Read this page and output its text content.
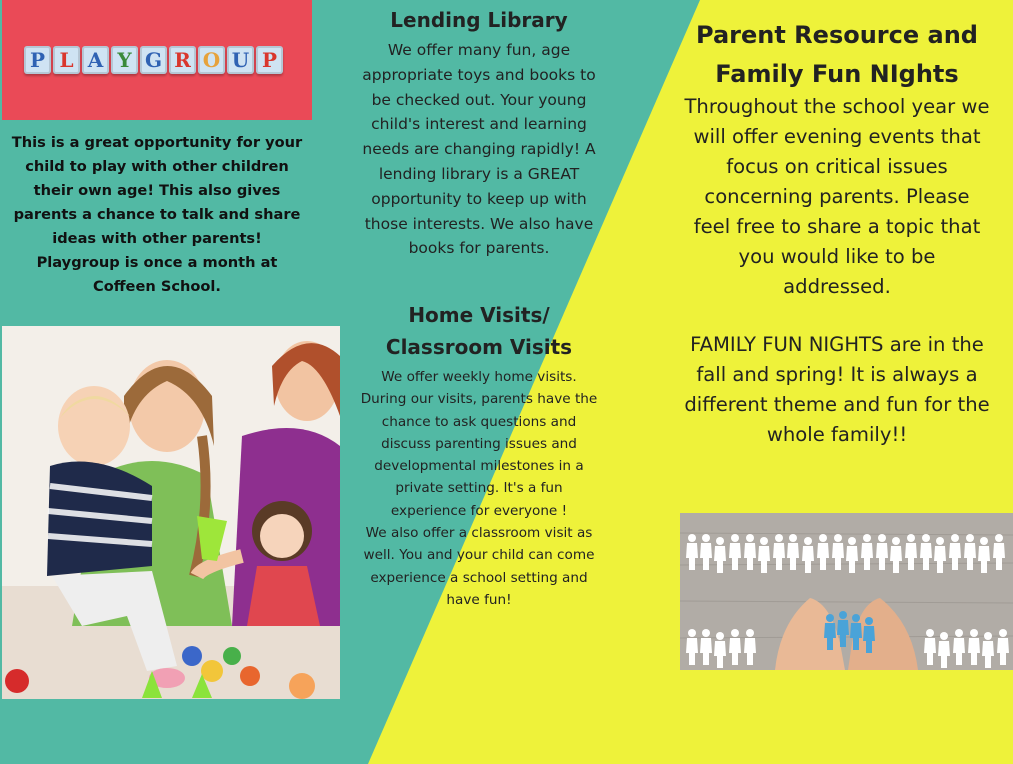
P L A Y G R O U P
This is a great opportunity for your
child to play with other children
their own age! This also gives
parents a chance to talk and share
ideas with other parents!
Playgroup is once a month at
Coffeen School.
Lending Library
We offer many fun, age
appropriate toys and books to
be checked out. Your young
child's interest and learning
needs are changing rapidly! A
lending library is a GREAT
opportunity to keep up with
those interests. We also have
books for parents.
Home Visits/
Classroom Visits
We offer weekly home visits.
During our visits, parents have the
chance to ask questions and
discuss parenting issues and
developmental milestones in a
private setting. It's a fun
experience for everyone !
We also offer a classroom visit as
well. You and your child can come
experience a school setting and
have fun!
Parent Resource and
Family Fun NIghts
Throughout the school year we
will offer evening events that
focus on critical issues
concerning parents. Please
feel free to share a topic that
you would like to be
addressed.
FAMILY FUN NIGHTS are in the
fall and spring! It is always a
different theme and fun for the
whole family!!
